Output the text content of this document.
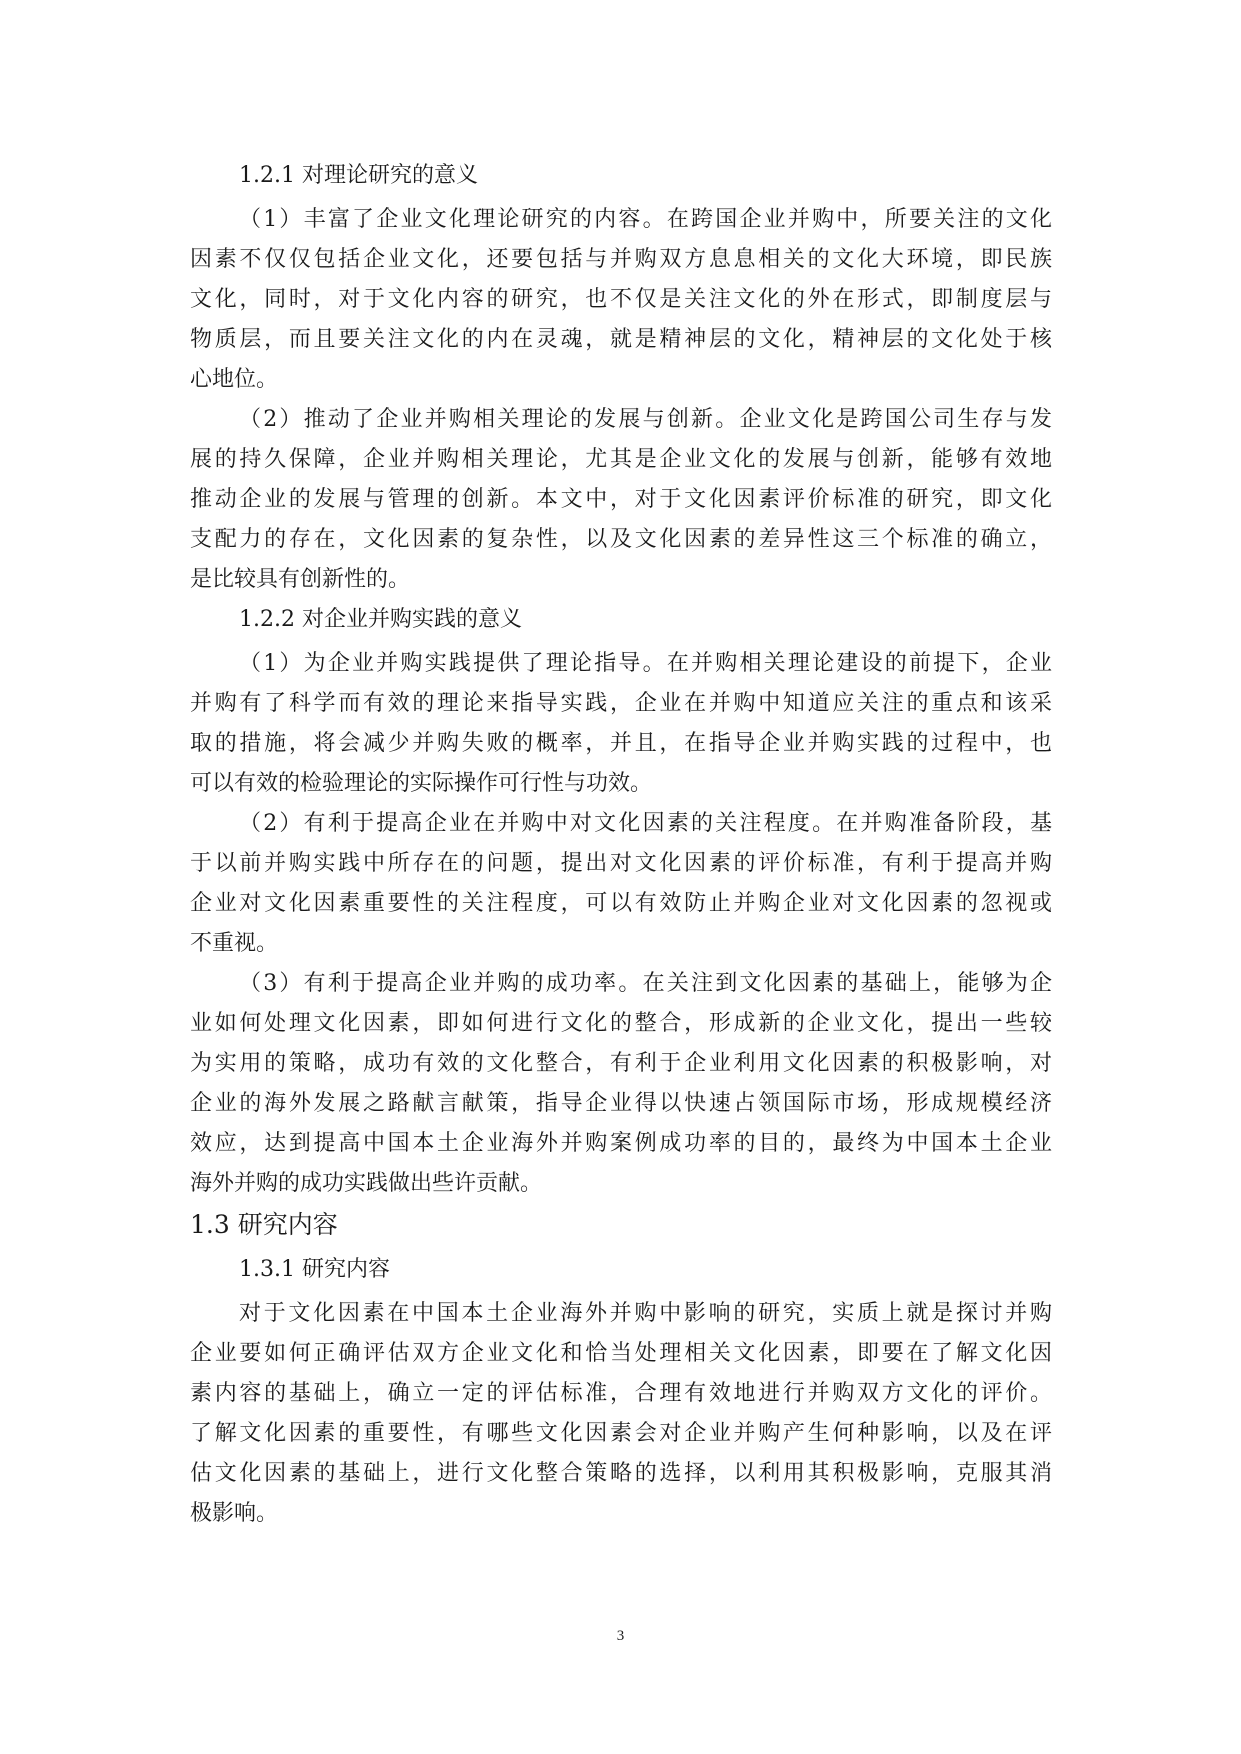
1.2.1 对理论研究的意义
（1）丰富了企业文化理论研究的内容。在跨国企业并购中，所要关注的文化
因素不仅仅包括企业文化，还要包括与并购双方息息相关的文化大环境，即民族
文化，同时，对于文化内容的研究，也不仅是关注文化的外在形式，即制度层与
物质层，而且要关注文化的内在灵魂，就是精神层的文化，精神层的文化处于核
心地位。
（2）推动了企业并购相关理论的发展与创新。企业文化是跨国公司生存与发
展的持久保障，企业并购相关理论，尤其是企业文化的发展与创新，能够有效地
推动企业的发展与管理的创新。本文中，对于文化因素评价标准的研究，即文化
支配力的存在，文化因素的复杂性，以及文化因素的差异性这三个标准的确立，
是比较具有创新性的。
1.2.2 对企业并购实践的意义
（1）为企业并购实践提供了理论指导。在并购相关理论建设的前提下，企业
并购有了科学而有效的理论来指导实践，企业在并购中知道应关注的重点和该采
取的措施，将会减少并购失败的概率，并且，在指导企业并购实践的过程中，也
可以有效的检验理论的实际操作可行性与功效。
（2）有利于提高企业在并购中对文化因素的关注程度。在并购准备阶段，基
于以前并购实践中所存在的问题，提出对文化因素的评价标准，有利于提高并购
企业对文化因素重要性的关注程度，可以有效防止并购企业对文化因素的忽视或
不重视。
（3）有利于提高企业并购的成功率。在关注到文化因素的基础上，能够为企
业如何处理文化因素，即如何进行文化的整合，形成新的企业文化，提出一些较
为实用的策略，成功有效的文化整合，有利于企业利用文化因素的积极影响，对
企业的海外发展之路献言献策，指导企业得以快速占领国际市场，形成规模经济
效应，达到提高中国本土企业海外并购案例成功率的目的，最终为中国本土企业
海外并购的成功实践做出些许贡献。
1.3 研究内容
1.3.1 研究内容
对于文化因素在中国本土企业海外并购中影响的研究，实质上就是探讨并购
企业要如何正确评估双方企业文化和恰当处理相关文化因素，即要在了解文化因
素内容的基础上，确立一定的评估标准，合理有效地进行并购双方文化的评价。
了解文化因素的重要性，有哪些文化因素会对企业并购产生何种影响，以及在评
估文化因素的基础上，进行文化整合策略的选择，以利用其积极影响，克服其消
极影响。
3
